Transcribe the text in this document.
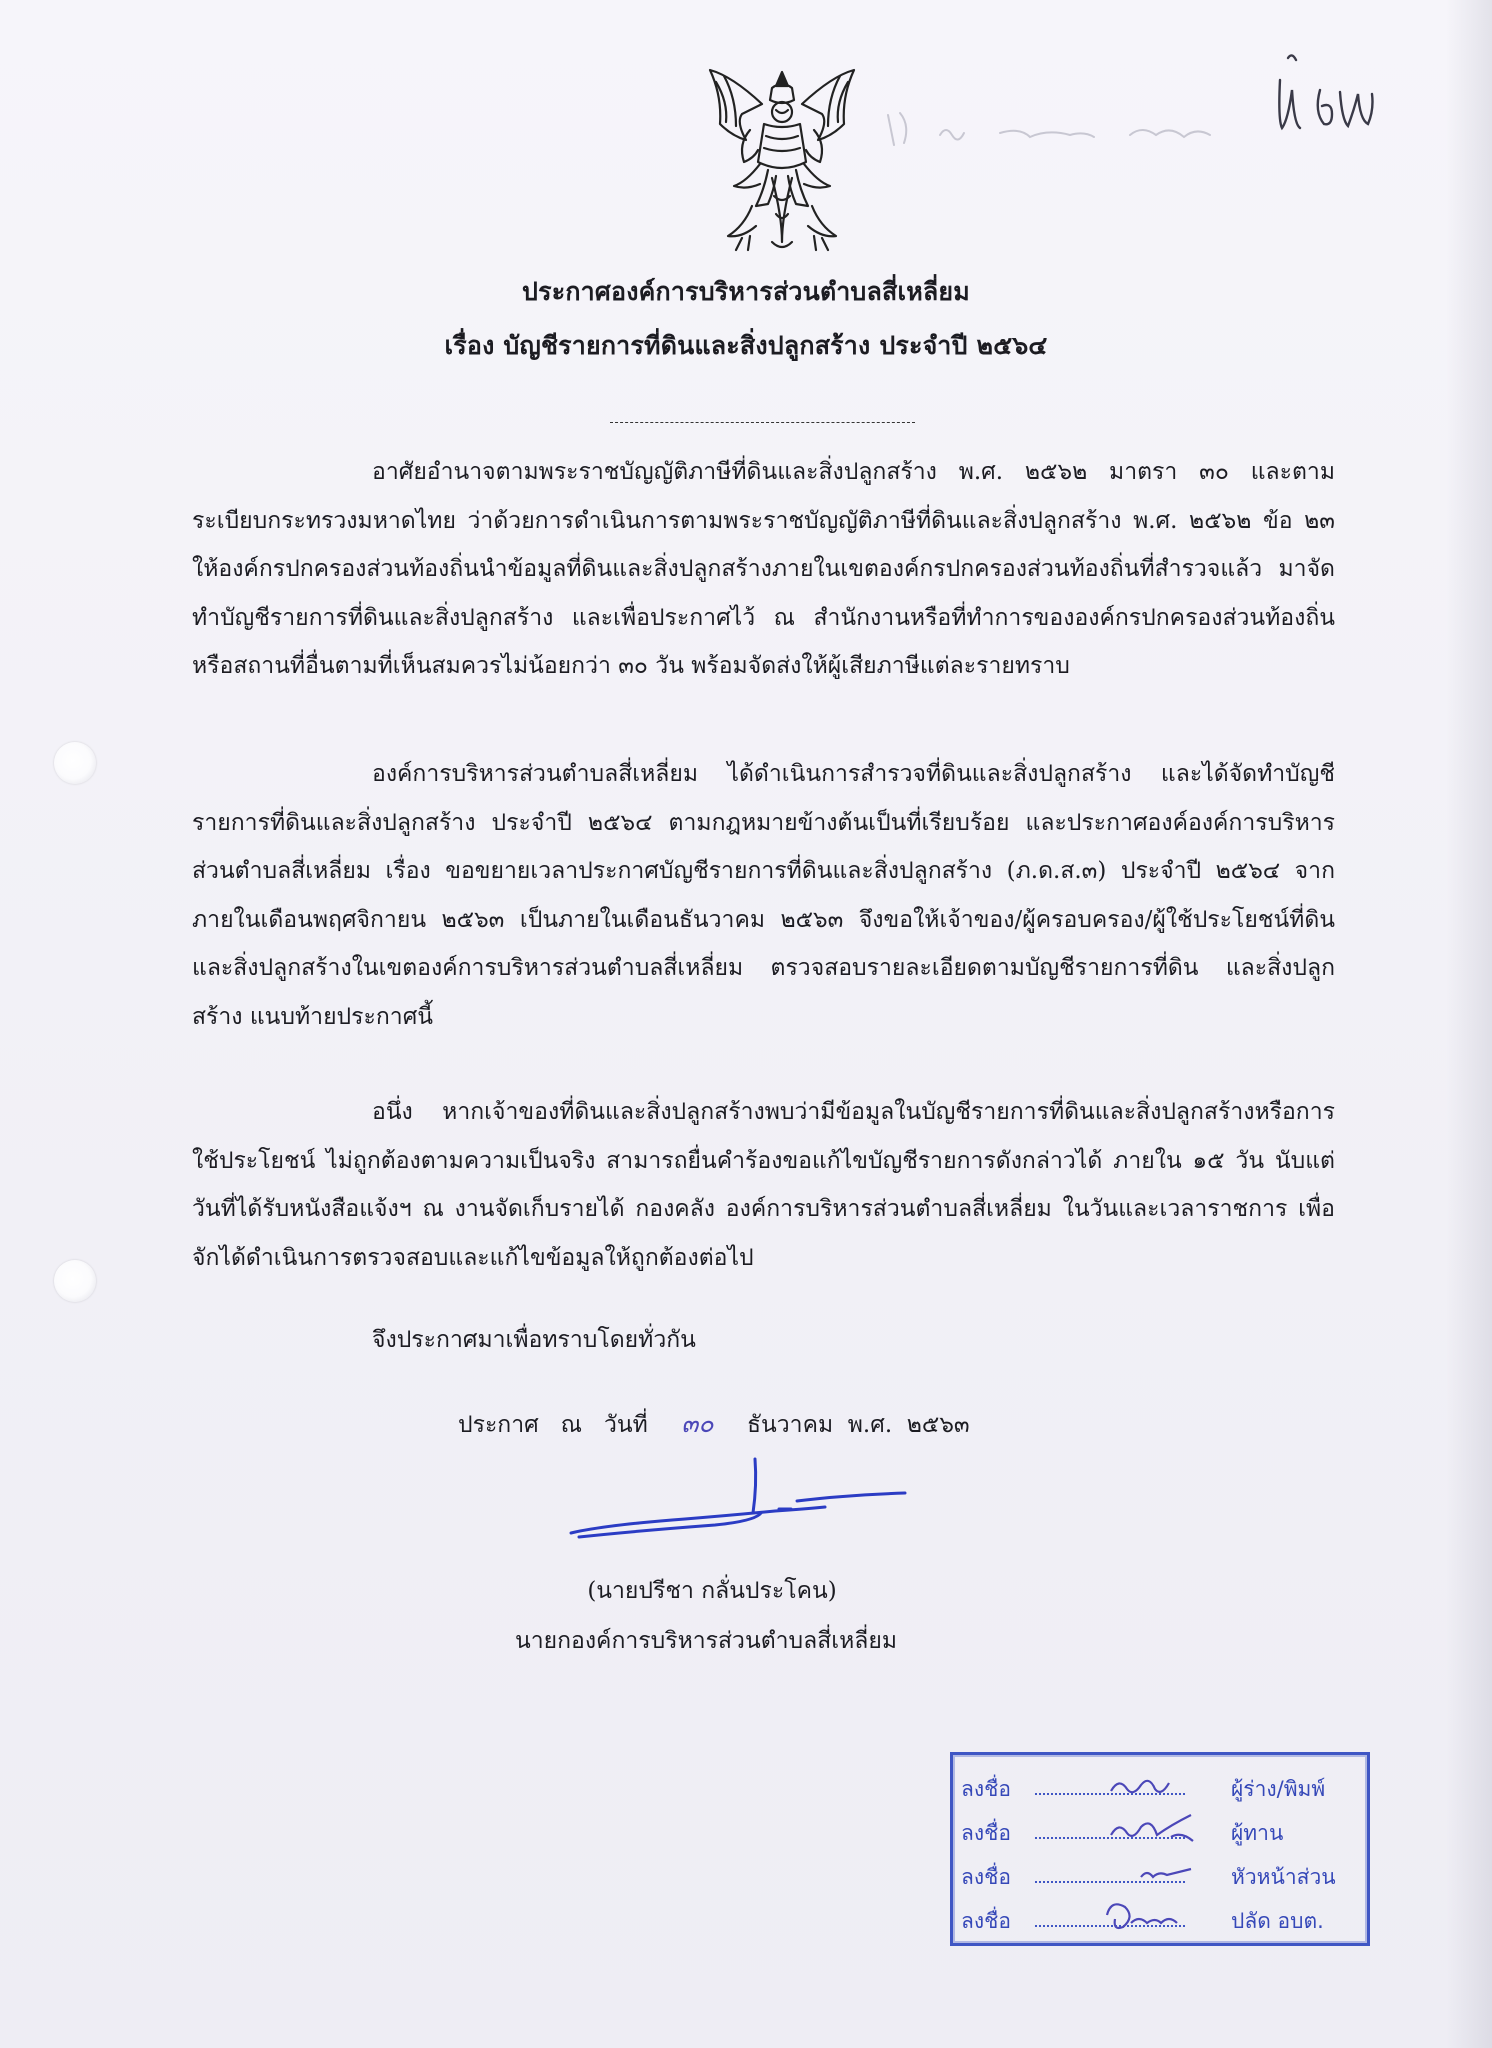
ปี ๖๔
ประกาศองค์การบริหารส่วนตำบลสี่เหลี่ยม
เรื่อง บัญชีรายการที่ดินและสิ่งปลูกสร้าง ประจำปี ๒๕๖๔

อาศัยอำนาจตามพระราชบัญญัติภาษีที่ดินและสิ่งปลูกสร้าง พ.ศ. ๒๕๖๒ มาตรา ๓๐ และตามระเบียบกระทรวงมหาดไทย ว่าด้วยการดำเนินการตามพระราชบัญญัติภาษีที่ดินและสิ่งปลูกสร้าง พ.ศ. ๒๕๖๒ ข้อ ๒๓ ให้องค์กรปกครองส่วนท้องถิ่นนำข้อมูลที่ดินและสิ่งปลูกสร้างภายในเขตองค์กรปกครองส่วนท้องถิ่นที่สำรวจแล้ว มาจัดทำบัญชีรายการที่ดินและสิ่งปลูกสร้าง และเพื่อประกาศไว้ ณ สำนักงานหรือที่ทำการขององค์กรปกครองส่วนท้องถิ่น หรือสถานที่อื่นตามที่เห็นสมควรไม่น้อยกว่า ๓๐ วัน พร้อมจัดส่งให้ผู้เสียภาษีแต่ละรายทราบ

องค์การบริหารส่วนตำบลสี่เหลี่ยม ได้ดำเนินการสำรวจที่ดินและสิ่งปลูกสร้าง และได้จัดทำบัญชีรายการที่ดินและสิ่งปลูกสร้าง ประจำปี ๒๕๖๔ ตามกฎหมายข้างต้นเป็นที่เรียบร้อย และประกาศองค์องค์การบริหารส่วนตำบลสี่เหลี่ยม เรื่อง ขอขยายเวลาประกาศบัญชีรายการที่ดินและสิ่งปลูกสร้าง (ภ.ด.ส.๓) ประจำปี ๒๕๖๔ จากภายในเดือนพฤศจิกายน ๒๕๖๓ เป็นภายในเดือนธันวาคม ๒๕๖๓ จึงขอให้เจ้าของ/ผู้ครอบครอง/ผู้ใช้ประโยชน์ที่ดินและสิ่งปลูกสร้างในเขตองค์การบริหารส่วนตำบลสี่เหลี่ยม ตรวจสอบรายละเอียดตามบัญชีรายการที่ดิน และสิ่งปลูกสร้าง แนบท้ายประกาศนี้

อนึ่ง หากเจ้าของที่ดินและสิ่งปลูกสร้างพบว่ามีข้อมูลในบัญชีรายการที่ดินและสิ่งปลูกสร้างหรือการใช้ประโยชน์ ไม่ถูกต้องตามความเป็นจริง สามารถยื่นคำร้องขอแก้ไขบัญชีรายการดังกล่าวได้ ภายใน ๑๕ วัน นับแต่วันที่ได้รับหนังสือแจ้งฯ ณ งานจัดเก็บรายได้ กองคลัง องค์การบริหารส่วนตำบลสี่เหลี่ยม ในวันและเวลาราชการ เพื่อจักได้ดำเนินการตรวจสอบและแก้ไขข้อมูลให้ถูกต้องต่อไป

จึงประกาศมาเพื่อทราบโดยทั่วกัน
ประกาศ   ณ   วันที่ ๓๐ ธันวาคม  พ.ศ.  ๒๕๖๓
(นายปรีชา กลั่นประโคน)
นายกองค์การบริหารส่วนตำบลสี่เหลี่ยม
ลงชื่อ	ผู้ร่าง/พิมพ์
ลงชื่อ	ผู้ทาน
ลงชื่อ	หัวหน้าส่วน
ลงชื่อ	ปลัด อบต.
